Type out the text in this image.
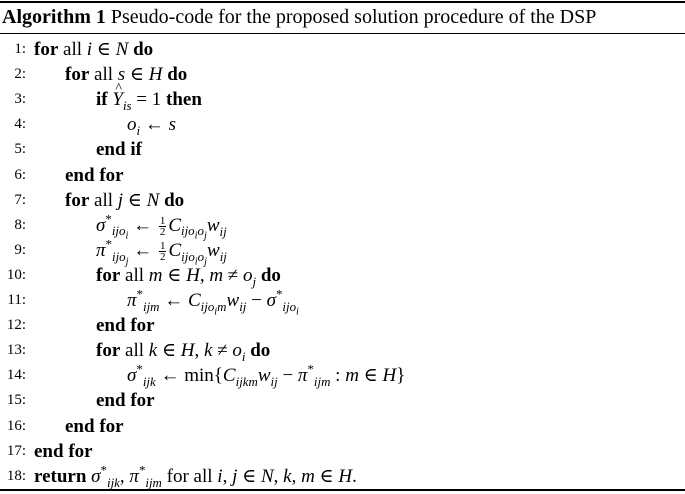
Algorithm 1 Pseudo-code for the proposed solution procedure of the DSP
1: for all i ∈ N do
2: for all s ∈ H do
3:	if ^ $Y_{is} = 1$ then
4:	$o_i$ ← s
5:	end if
6: end for
7: for all j ∈ N do
8:	$\sigma^*_{ijo_i}$ ← $\frac{1}{2} C_{ijo_io_j}w_{ij}$
9:	$\pi^*_{ijo_j}$ ← $\frac{1}{2} C_{ijo_io_j}w_{ij}$
10:	for all m ∈ H, $m \ne o_j$ do
11:	$\pi^*_{ijm}$ ← $C_{ijo_im}w_{ij} - \sigma^*_{ijo_i}$
12:	end for
13:	for all k ∈ H, $k \ne o_i$ do
14:	$\sigma^*_{ijk}$ ← $\min\{C_{ijkm}w_{ij} - \pi^*_{ijm}$ : m ∈ H}
15:	end for
16: end for
17: end for
18: return $\sigma^*_{ijk}$, $\pi^*_{ijm}$ for all i, j ∈ N, k, m ∈ H.
